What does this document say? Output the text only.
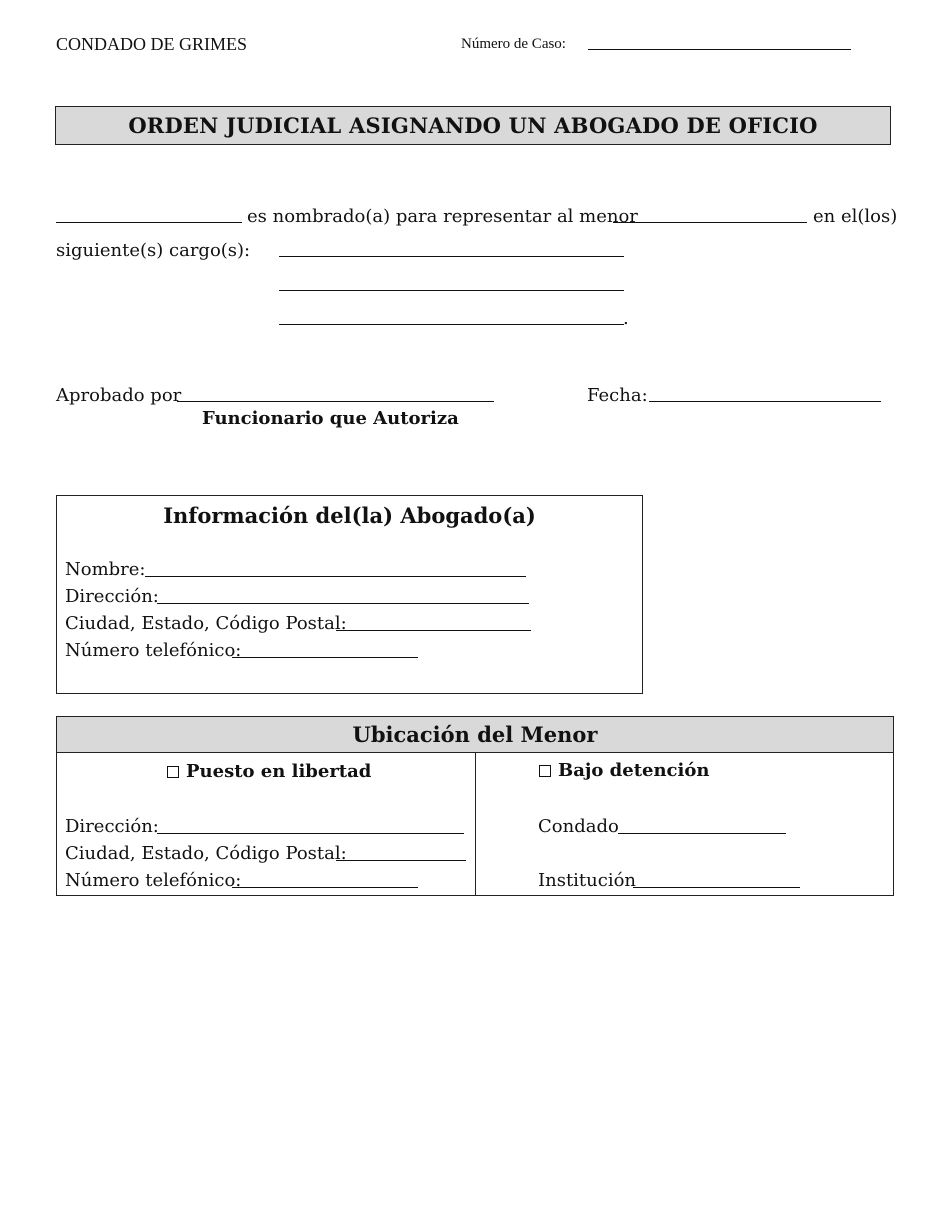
CONDADO DE GRIMES	Número de Caso:
ORDEN JUDICIAL ASIGNANDO UN ABOGADO DE OFICIO
es nombrado(a) para representar al menor	en el(los)
siguiente(s) cargo(s):
.
Aprobado por
Funcionario que Autoriza
Fecha:
Información del(la) Abogado(a)
Nombre:
Dirección:
Ciudad, Estado, Código Postal:
Número telefónico:
Ubicación del Menor
Puesto en libertad
Dirección:
Ciudad, Estado, Código Postal:
Número telefónico:
Bajo detención
Condado
Institución
